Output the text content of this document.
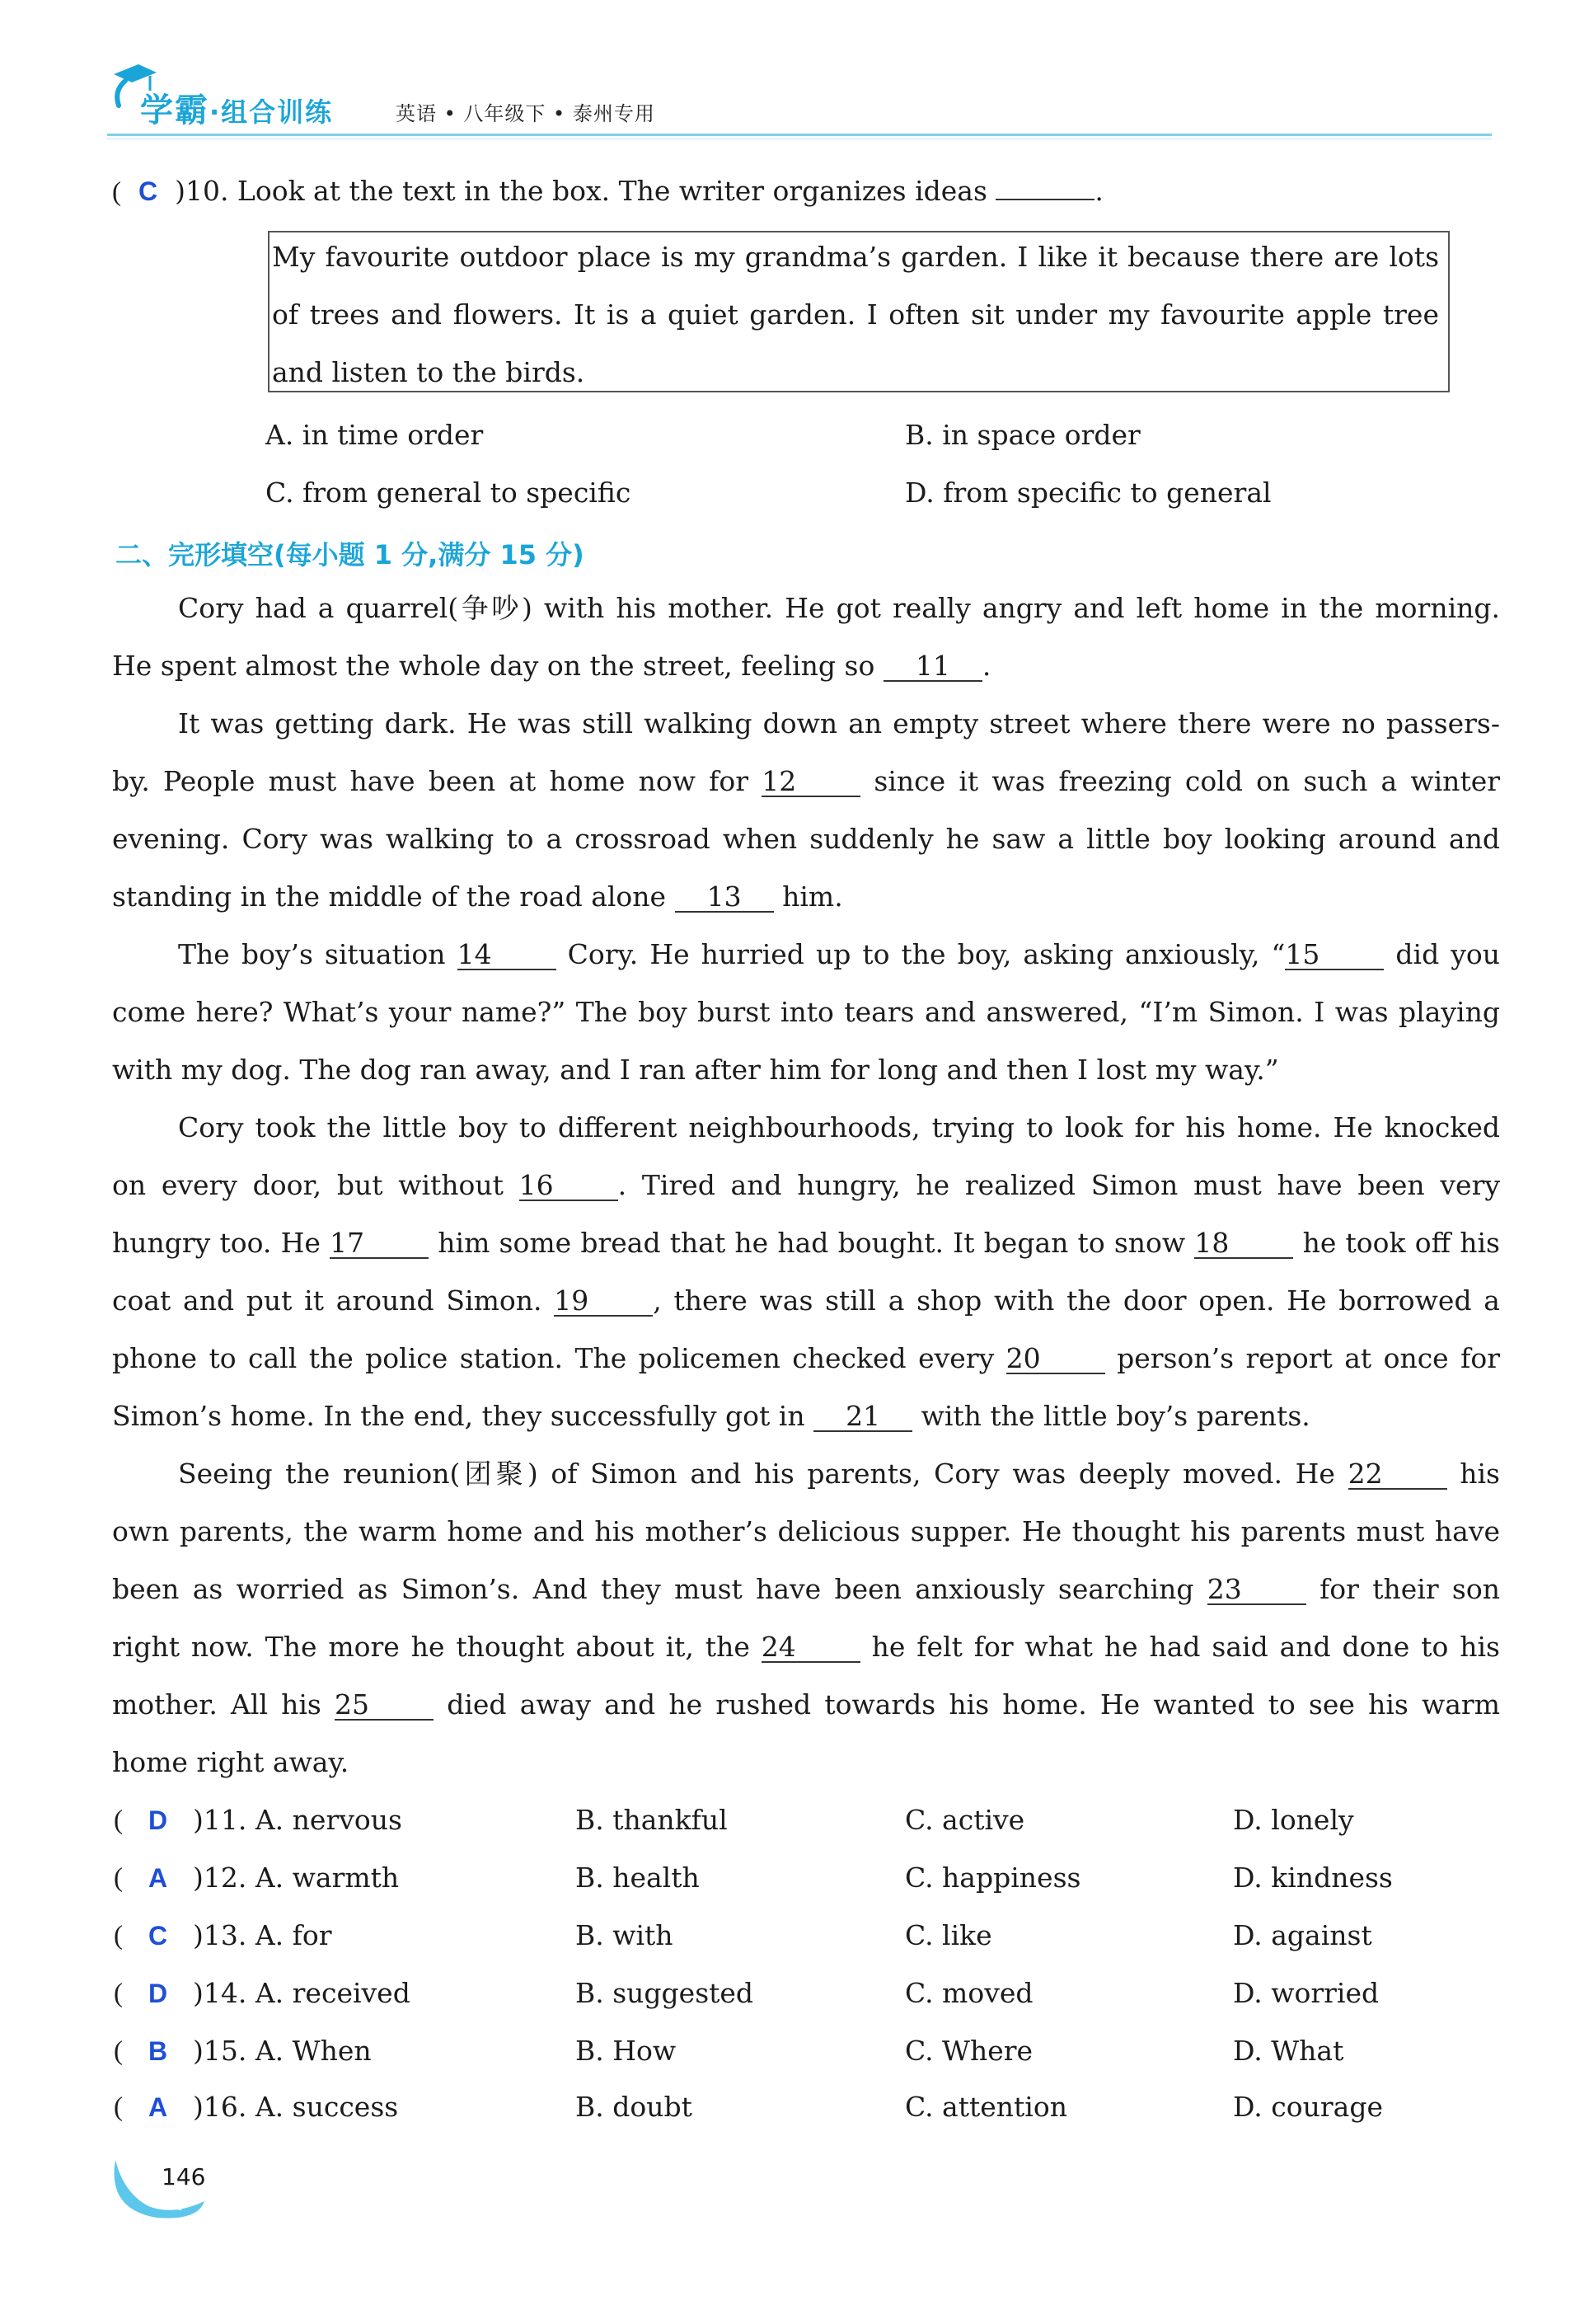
学霸·组合训练	英语 • 八年级下 • 泰州专用
( C )10. Look at the text in the box. The writer organizes ideas	.
My favourite outdoor place is my grandma’s garden. I like it because there are lots
of trees and flowers. It is a quiet garden. I often sit under my favourite apple tree
and listen to the birds.
A. in time order	B. in space order
C. from general to specific	D. from specific to general
二、完形填空(每小题 1 分,满分 15 分)
Cory had a quarrel(争吵) with his mother. He got really angry and left home in the morning.
He spent almost the whole day on the street, feeling so 11 .
It was getting dark. He was still walking down an empty street where there were no passers-
by. People must have been at home now for 12	since it was freezing cold on such a winter
evening. Cory was walking to a crossroad when suddenly he saw a little boy looking around and
standing in the middle of the road alone 13 him.
The boy’s situation 14	Cory. He hurried up to the boy, asking anxiously, “15	did you
come here? What’s your name?” The boy burst into tears and answered, “I’m Simon. I was playing
with my dog. The dog ran away, and I ran after him for long and then I lost my way.”
Cory took the little boy to different neighbourhoods, trying to look for his home. He knocked
on every door, but without 16 . Tired and hungry, he realized Simon must have been very
hungry too. He 17	him some bread that he had bought. It began to snow 18	he took off his
coat and put it around Simon. 19 , there was still a shop with the door open. He borrowed a
phone to call the police station. The policemen checked every 20	person’s report at once for
Simon’s home. In the end, they successfully got in 21 with the little boy’s parents.
Seeing the reunion(团聚) of Simon and his parents, Cory was deeply moved. He 22	his
own parents, the warm home and his mother’s delicious supper. He thought his parents must have
been as worried as Simon’s. And they must have been anxiously searching 23	for their son
right now. The more he thought about it, the 24	he felt for what he had said and done to his
mother. All his 25	died away and he rushed towards his home. He wanted to see his warm
home right away.
( D )11. A. nervous	B. thankful	C. active	D. lonely
( A )12. A. warmth	B. health	C. happiness	D. kindness
( C )13. A. for	B. with	C. like	D. against
( D )14. A. received	B. suggested	C. moved	D. worried
( B )15. A. When	B. How	C. Where	D. What
( A )16. A. success	B. doubt	C. attention	D. courage
146
